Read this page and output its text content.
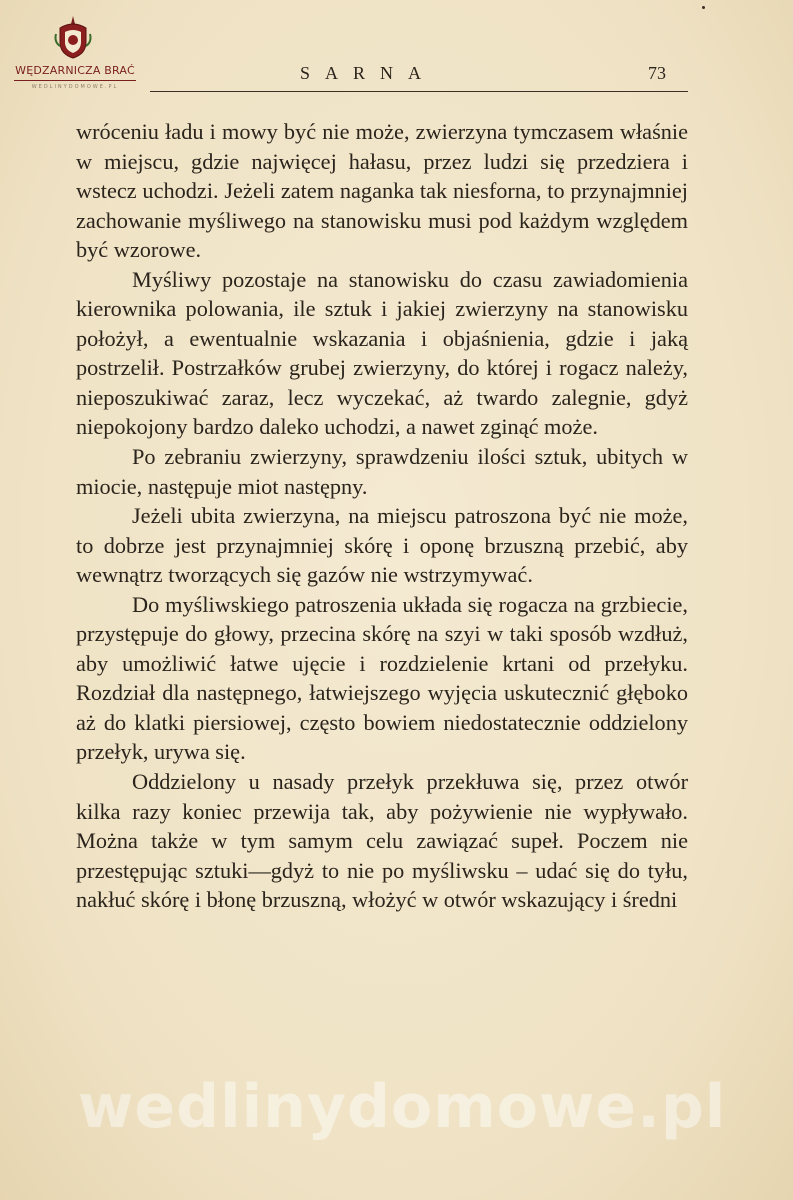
WĘDZARNICZA BRAĆ
WEDLINYDOMOWE.PL
SARNA	73

wróceniu ładu i mowy być nie może, zwierzyna tymczasem właśnie w miejscu, gdzie najwięcej hałasu, przez ludzi się przedziera i wstecz uchodzi. Jeżeli zatem naganka tak niesforna, to przynajmniej zachowanie myśliwego na stanowisku musi pod każdym względem być wzorowe.

Myśliwy pozostaje na stanowisku do czasu zawiadomienia kierownika polowania, ile sztuk i jakiej zwierzyny na stanowisku położył, a ewentualnie wskazania i objaśnienia, gdzie i jaką postrzelił. Postrzałków grubej zwierzyny, do której i rogacz należy, nieposzukiwać zaraz, lecz wyczekać, aż twardo zalegnie, gdyż niepokojony bardzo daleko uchodzi, a nawet zginąć może.

Po zebraniu zwierzyny, sprawdzeniu ilości sztuk, ubitych w miocie, następuje miot następny.

Jeżeli ubita zwierzyna, na miejscu patroszona być nie może, to dobrze jest przynajmniej skórę i oponę brzuszną przebić, aby wewnątrz tworzących się gazów nie wstrzymywać.

Do myśliwskiego patroszenia układa się rogacza na grzbiecie, przystępuje do głowy, przecina skórę na szyi w taki sposób wzdłuż, aby umożliwić łatwe ujęcie i rozdzielenie krtani od przełyku. Rozdział dla następnego, łatwiejszego wyjęcia uskutecznić głęboko aż do klatki piersiowej, często bowiem niedostatecznie oddzielony przełyk, urywa się.

Oddzielony u nasady przełyk przekłuwa się, przez otwór kilka razy koniec przewija tak, aby pożywienie nie wypływało. Można także w tym samym celu zawiązać supeł. Poczem nie przestępując sztuki—gdyż to nie po myśliwsku – udać się do tyłu, nakłuć skórę i błonę brzuszną, włożyć w otwór wskazujący i średni

wedlinydomowe.pl
